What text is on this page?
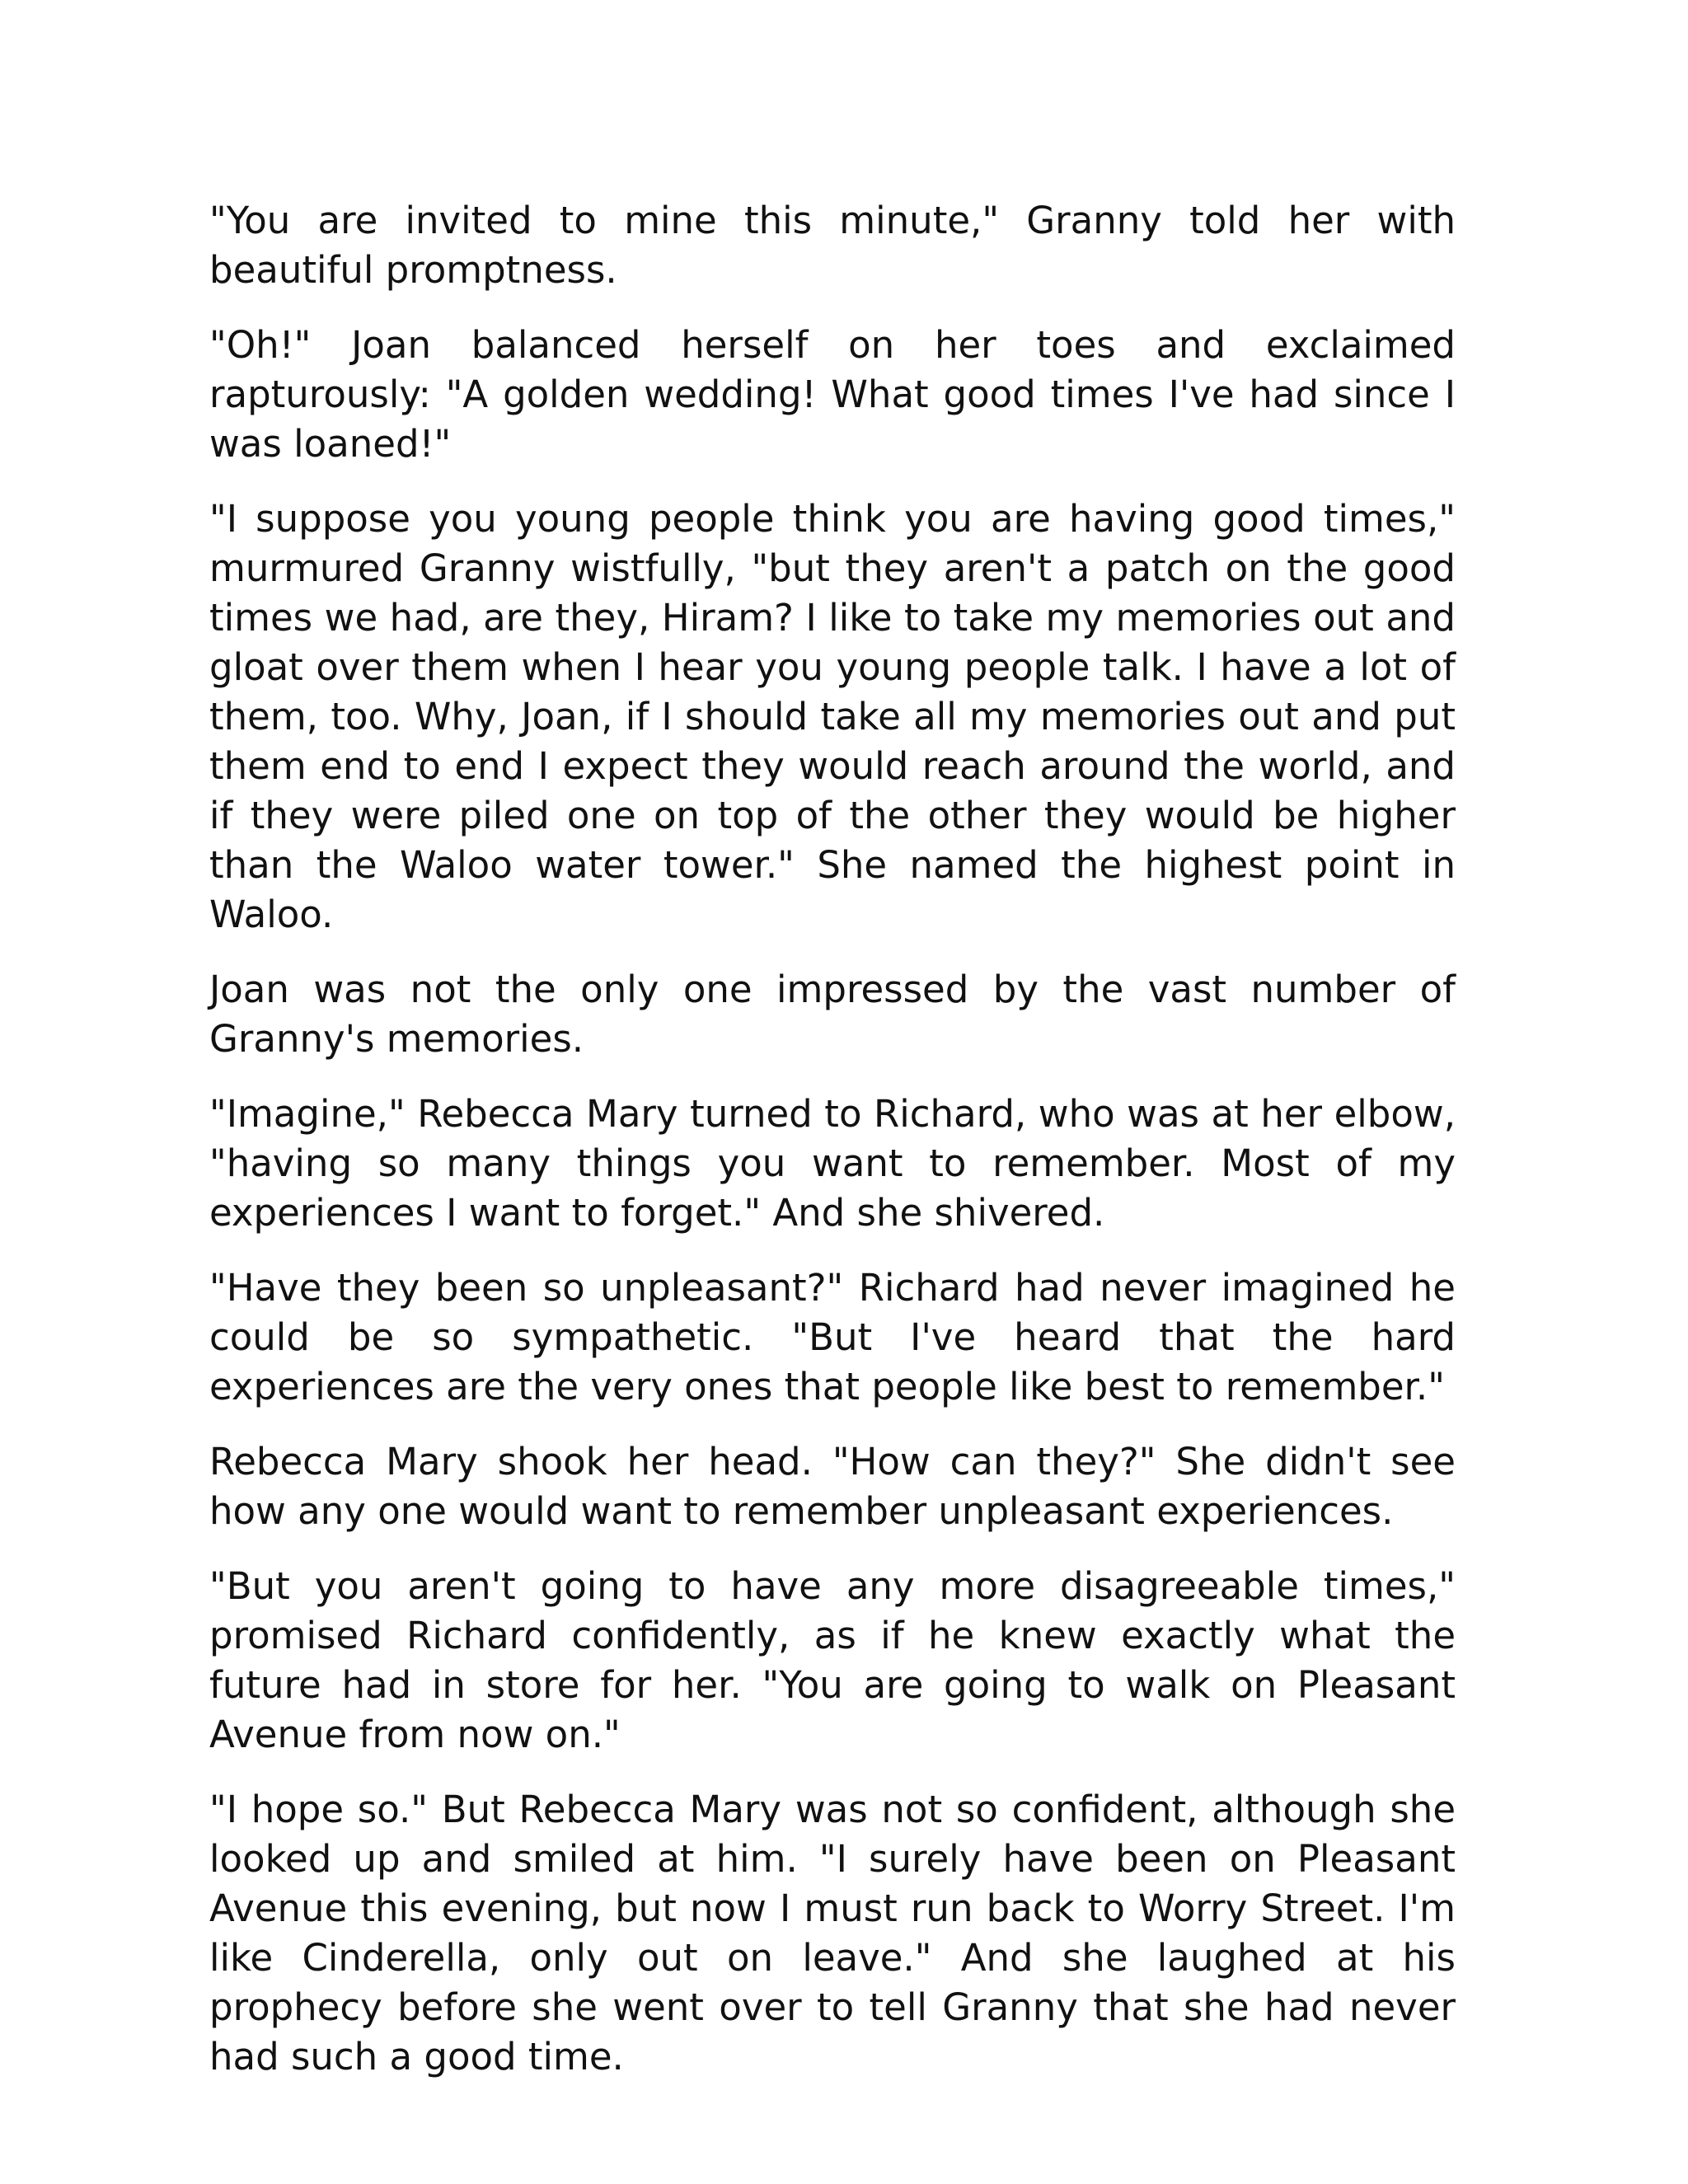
"You are invited to mine this minute," Granny told her with beautiful promptness.

"Oh!" Joan balanced herself on her toes and exclaimed rapturously: "A golden wedding! What good times I've had since I was loaned!"

"I suppose you young people think you are having good times," murmured Granny wistfully, "but they aren't a patch on the good times we had, are they, Hiram? I like to take my memories out and gloat over them when I hear you young people talk. I have a lot of them, too. Why, Joan, if I should take all my memories out and put them end to end I expect they would reach around the world, and if they were piled one on top of the other they would be higher than the Waloo water tower." She named the highest point in Waloo.

Joan was not the only one impressed by the vast number of Granny's memories.

"Imagine," Rebecca Mary turned to Richard, who was at her elbow, "having so many things you want to remember. Most of my experiences I want to forget." And she shivered.

"Have they been so unpleasant?" Richard had never imagined he could be so sympathetic. "But I've heard that the hard experiences are the very ones that people like best to remember."

Rebecca Mary shook her head. "How can they?" She didn't see how any one would want to remember unpleasant experiences.

"But you aren't going to have any more disagreeable times," promised Richard confidently, as if he knew exactly what the future had in store for her. "You are going to walk on Pleasant Avenue from now on."

"I hope so." But Rebecca Mary was not so confident, although she looked up and smiled at him. "I surely have been on Pleasant Avenue this evening, but now I must run back to Worry Street. I'm like Cinderella, only out on leave." And she laughed at his prophecy before she went over to tell Granny that she had never had such a good time.
